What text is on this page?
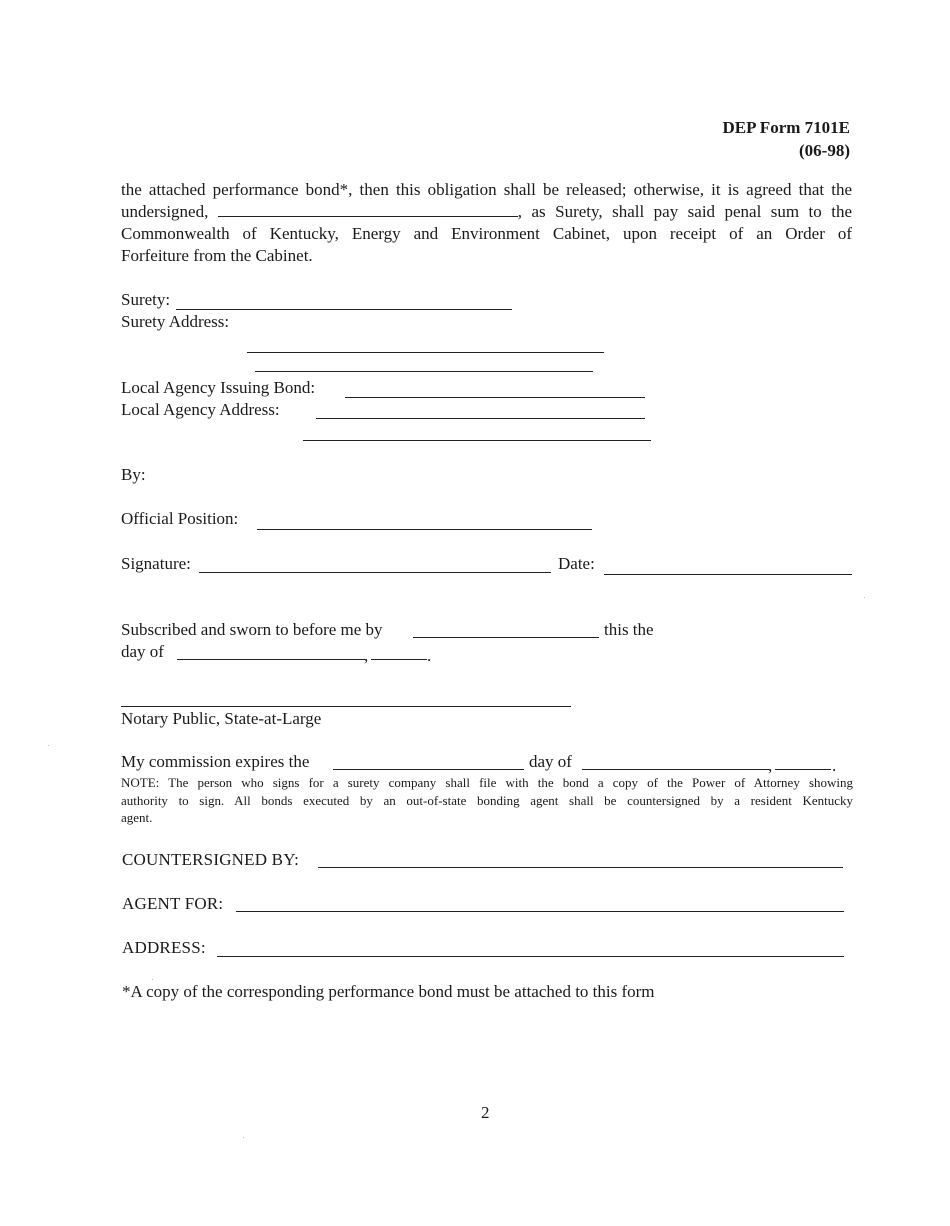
DEP Form 7101E
(06-98)
the attached performance bond*, then this obligation shall be released; otherwise, it is agreed that the
undersigned,	, as Surety, shall pay said penal sum to the
Commonwealth of Kentucky, Energy and Environment Cabinet, upon receipt of an Order of
Forfeiture from the Cabinet.
Surety:
Surety Address:
Local Agency Issuing Bond:
Local Agency Address:
By:
Official Position:
Signature:	Date:
Subscribed and sworn to before me by	this the
day of	,	.
Notary Public, State-at-Large
My commission expires the	day of	,	.
NOTE: The person who signs for a surety company shall file with the bond a copy of the Power of Attorney showing
authority to sign. All bonds executed by an out-of-state bonding agent shall be countersigned by a resident Kentucky
agent.
COUNTERSIGNED BY:
AGENT FOR:
ADDRESS:
*A copy of the corresponding performance bond must be attached to this form
2
